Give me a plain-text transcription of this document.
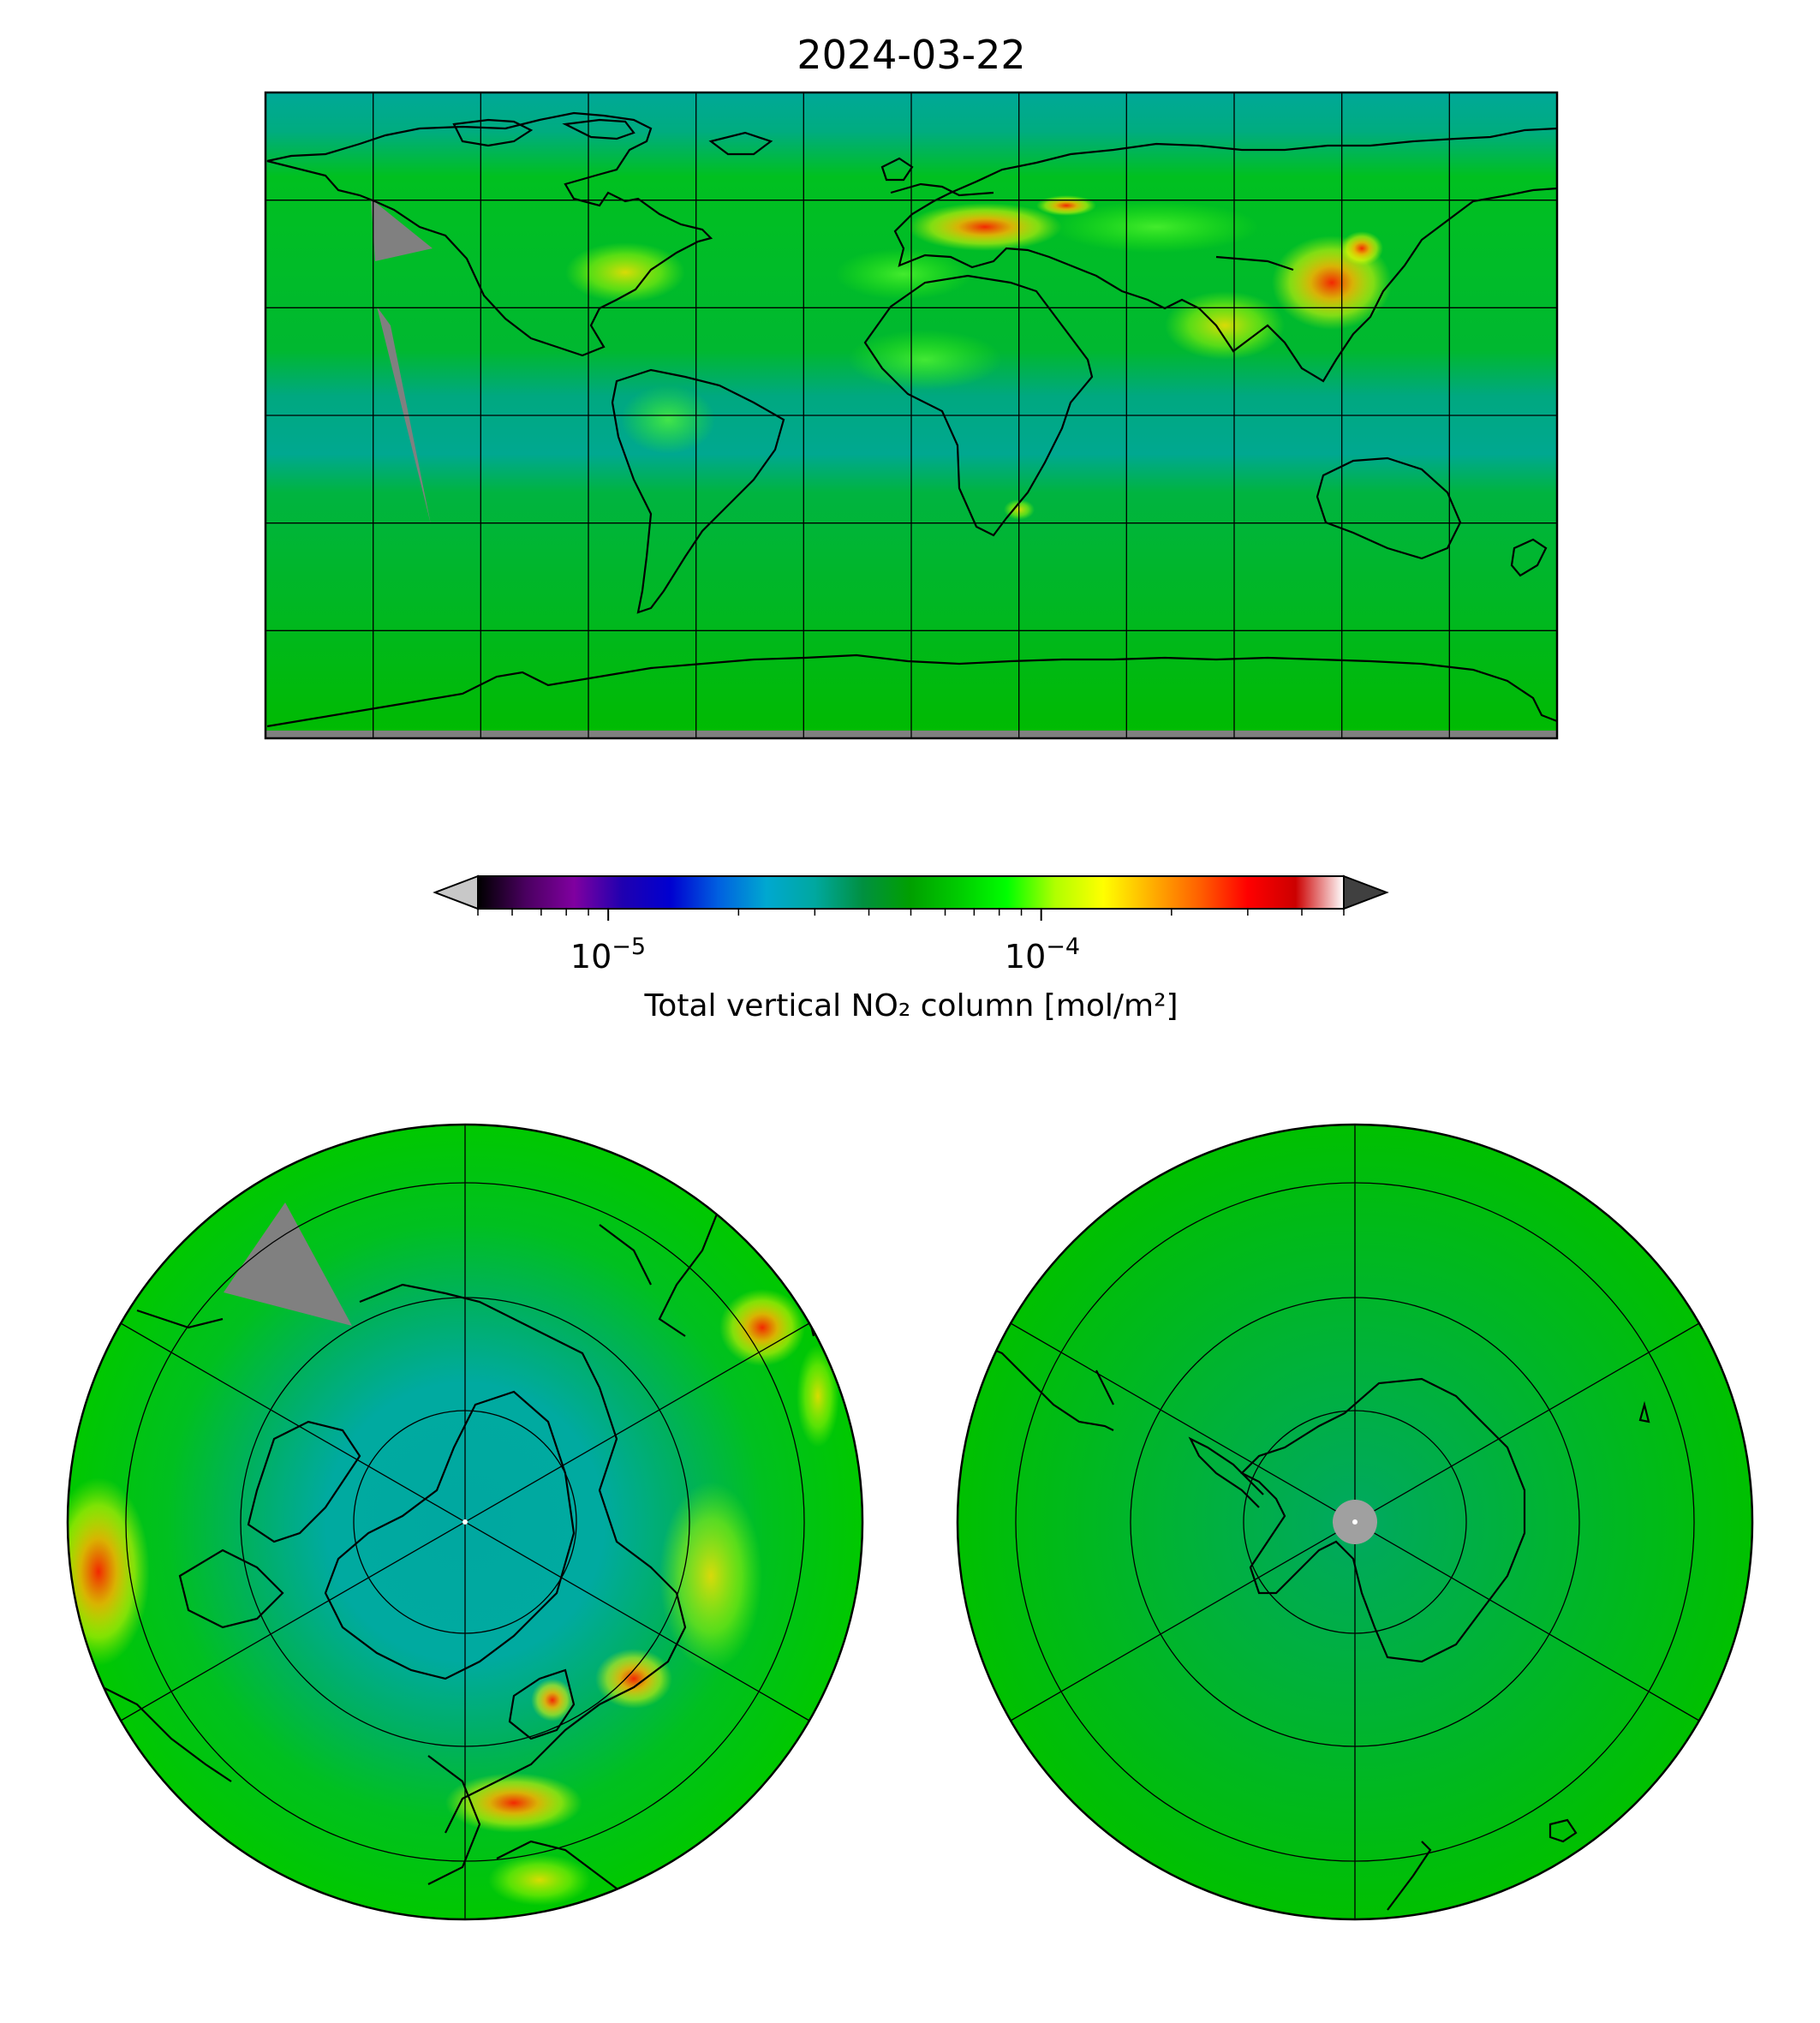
2024-03-22
$10^{-5}$	$10^{-4}$
Total vertical NO₂ column [mol/m²]
